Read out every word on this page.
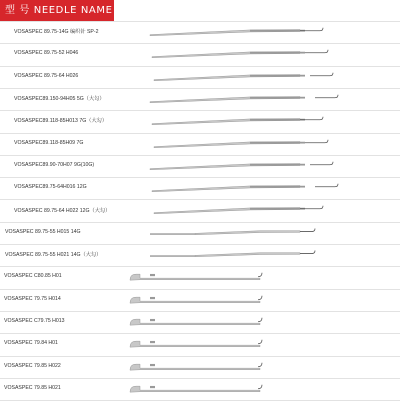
型 号 NEEDLE NAME
VOSASPEC 89.75-14G 编织针 SP-2
VOSASPEC 89.75-52 H046
VOSASPEC 89.75-64 H026
VOSASPEC89.150-94H05 5G（大勾）
VOSASPEC89.118-85H013 7G（大勾）
VOSASPEC89.118-85H09 7G
VOSASPEC89.90-70H07 9G(10G)
VOSASPEC89.75-64H016 12G
VOSASPEC 89.75-64 H022 12G（大勾）
VOSASPEC 89.75-55 H015 14G
VOSASPEC 89.75-55 H021 14G（大勾）
VOSASPEC C80.85 H01
VOSASPEC 79.75 H014
VOSASPEC C79.75 H013
VOSASPEC 79.84 H01
VOSASPEC 79.85 H022
VOSASPEC 79.85 H021
